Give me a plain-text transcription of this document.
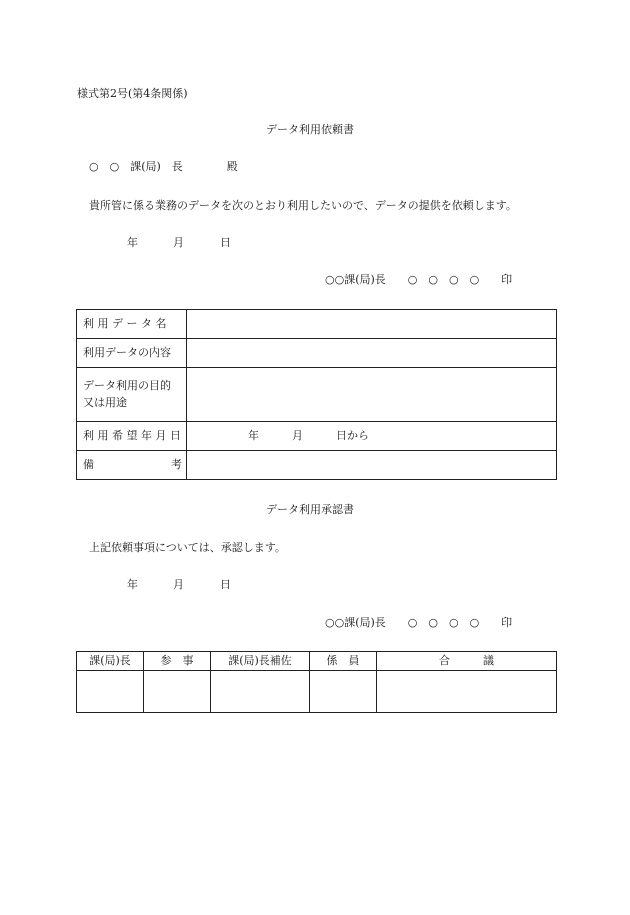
様式第2号(第4条関係)
データ利用依頼書
○　○　課(局)　長　　　　殿
貴所管に係る業務のデータを次のとおり利用したいので、データの提供を依頼します。
年	月	日
○○課(局)長　　○　○　○　○　　印
利 用 デ ー タ 名	
利用データの内容	
データ利用の目的
又は用途	
利 用 希 望 年 月 日	　　　　　年　　　月　　　日から
備　　　　　　　考	
データ利用承認書
上記依頼事項については、承認します。
年	月	日
○○課(局)長　　○　○　○　○　　印
課(局)長	参　事	課(局)長補佐	係　員	合　　　議
